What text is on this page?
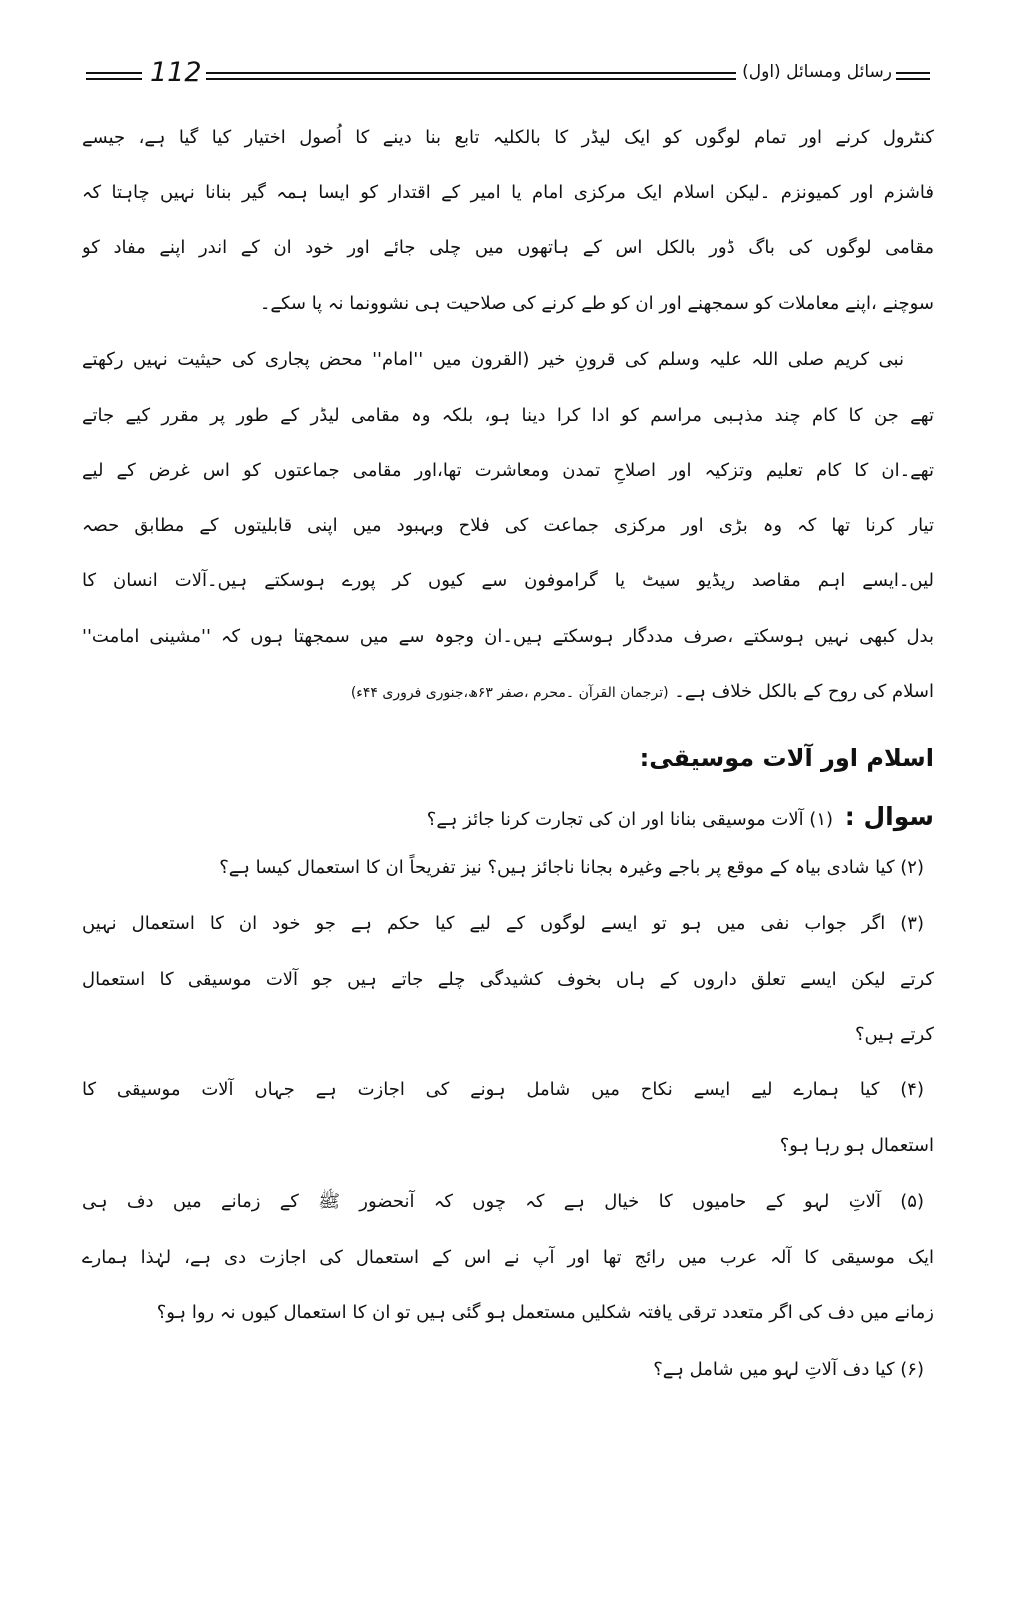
112	رسائل ومسائل (اول)
کنٹرول کرنے اور تمام لوگوں کو ایک لیڈر کا بالکلیہ تابع بنا دینے کا اُصول اختیار کیا گیا ہے، جیسے
فاشزم اور کمیونزم ۔لیکن اسلام ایک مرکزی امام یا امیر کے اقتدار کو ایسا ہمہ گیر بنانا نہیں چاہتا کہ
مقامی لوگوں کی باگ ڈور بالکل اس کے ہاتھوں میں چلی جائے اور خود ان کے اندر اپنے مفاد کو
سوچنے ،اپنے معاملات کو سمجھنے اور ان کو طے کرنے کی صلاحیت ہی نشوونما نہ پا سکے۔
نبی کریم صلی اللہ علیہ وسلم کی قرونِ خیر (القرون میں ''امام'' محض پجاری کی حیثیت نہیں رکھتے
تھے جن کا کام چند مذہبی مراسم کو ادا کرا دینا ہو، بلکہ وہ مقامی لیڈر کے طور پر مقرر کیے جاتے
تھے۔ان کا کام تعلیم وتزکیہ اور اصلاحِ تمدن ومعاشرت تھا،اور مقامی جماعتوں کو اس غرض کے لیے
تیار کرنا تھا کہ وہ بڑی اور مرکزی جماعت کی فلاح وبہبود میں اپنی قابلیتوں کے مطابق حصہ
لیں۔ایسے اہم مقاصد ریڈیو سیٹ یا گراموفون سے کیوں کر پورے ہوسکتے ہیں۔آلات انسان کا
بدل کبھی نہیں ہوسکتے ،صرف مددگار ہوسکتے ہیں۔ان وجوہ سے میں سمجھتا ہوں کہ ''مشینی امامت''
اسلام کی روح کے بالکل خلاف ہے۔ (ترجمان القرآن ۔محرم ،صفر ۶۳ھ،جنوری فروری ۴۴ء)
اسلام اور آلات موسیقی:
سوال : (۱) آلات موسیقی بنانا اور ان کی تجارت کرنا جائز ہے؟
(۲) کیا شادی بیاہ کے موقع پر باجے وغیرہ بجانا ناجائز ہیں؟ نیز تفریحاً ان کا استعمال کیسا ہے؟
(۳) اگر جواب نفی میں ہو تو ایسے لوگوں کے لیے کیا حکم ہے جو خود ان کا استعمال نہیں
کرتے لیکن ایسے تعلق داروں کے ہاں بخوف کشیدگی چلے جاتے ہیں جو آلات موسیقی کا استعمال
کرتے ہیں؟
(۴) کیا ہمارے لیے ایسے نکاح میں شامل ہونے کی اجازت ہے جہاں آلات موسیقی کا
استعمال ہو رہا ہو؟
(۵) آلاتِ لہو کے حامیوں کا خیال ہے کہ چوں کہ آنحضور ﷺ کے زمانے میں دف ہی
ایک موسیقی کا آلہ عرب میں رائج تھا اور آپ نے اس کے استعمال کی اجازت دی ہے، لہٰذا ہمارے
زمانے میں دف کی اگر متعدد ترقی یافتہ شکلیں مستعمل ہو گئی ہیں تو ان کا استعمال کیوں نہ روا ہو؟
(۶) کیا دف آلاتِ لہو میں شامل ہے؟
